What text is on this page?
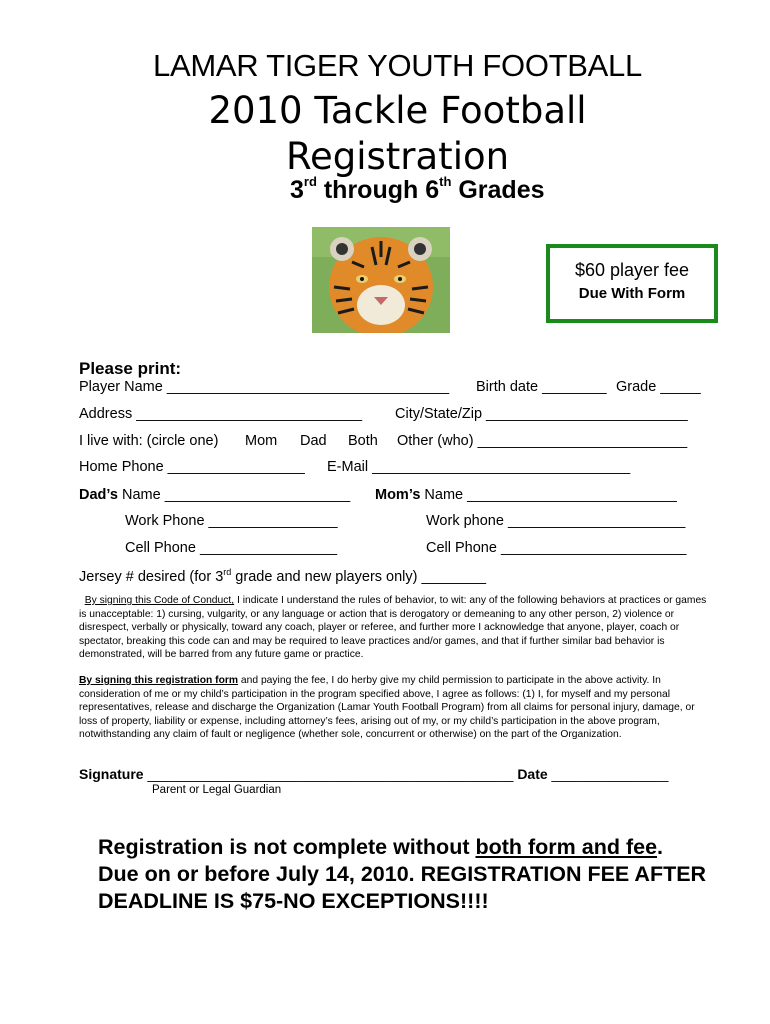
LAMAR TIGER YOUTH FOOTBALL
2010 Tackle Football
Registration
3rd through 6th Grades
$60 player fee
Due With Form
Please print:
Player Name ___________________________________ Birth date ________ Grade _____
Address ____________________________ City/State/Zip _________________________
I live with: (circle one) Mom Dad Both Other (who) __________________________
Home Phone _________________ E-Mail ________________________________
Dad’s Name _______________________ Mom’s Name __________________________
Work Phone ________________	Work phone ______________________
Cell Phone _________________	Cell Phone _______________________
Jersey # desired (for 3rd grade and new players only) ________
By signing this Code of Conduct, I indicate I understand the rules of behavior, to wit: any of the following behaviors at practices or games is unacceptable: 1) cursing, vulgarity, or any language or action that is derogatory or demeaning to any other person, 2) violence or disrespect, verbally or physically, toward any coach, player or referee, and further more I acknowledge that anyone, player, coach or spectator, breaking this code can and may be required to leave practices and/or games, and that if further similar bad behavior is demonstrated, will be barred from any future game or practice.
By signing this registration form and paying the fee, I do herby give my child permission to participate in the above activity. In consideration of me or my child’s participation in the program specified above, I agree as follows: (1) I, for myself and my personal representatives, release and discharge the Organization (Lamar Youth Football Program) from all claims for personal injury, damage, or loss of property, liability or expense, including attorney’s fees, arising out of my, or my child’s participation in the above program, notwithstanding any claim of fault or negligence (whether sole, concurrent or otherwise) on the part of the Organization.
Signature _______________________________________________ Date _______________
Parent or Legal Guardian
Registration is not complete without both form and fee.
Due on or before July 14, 2010. REGISTRATION FEE AFTER DEADLINE IS $75-NO EXCEPTIONS!!!!
